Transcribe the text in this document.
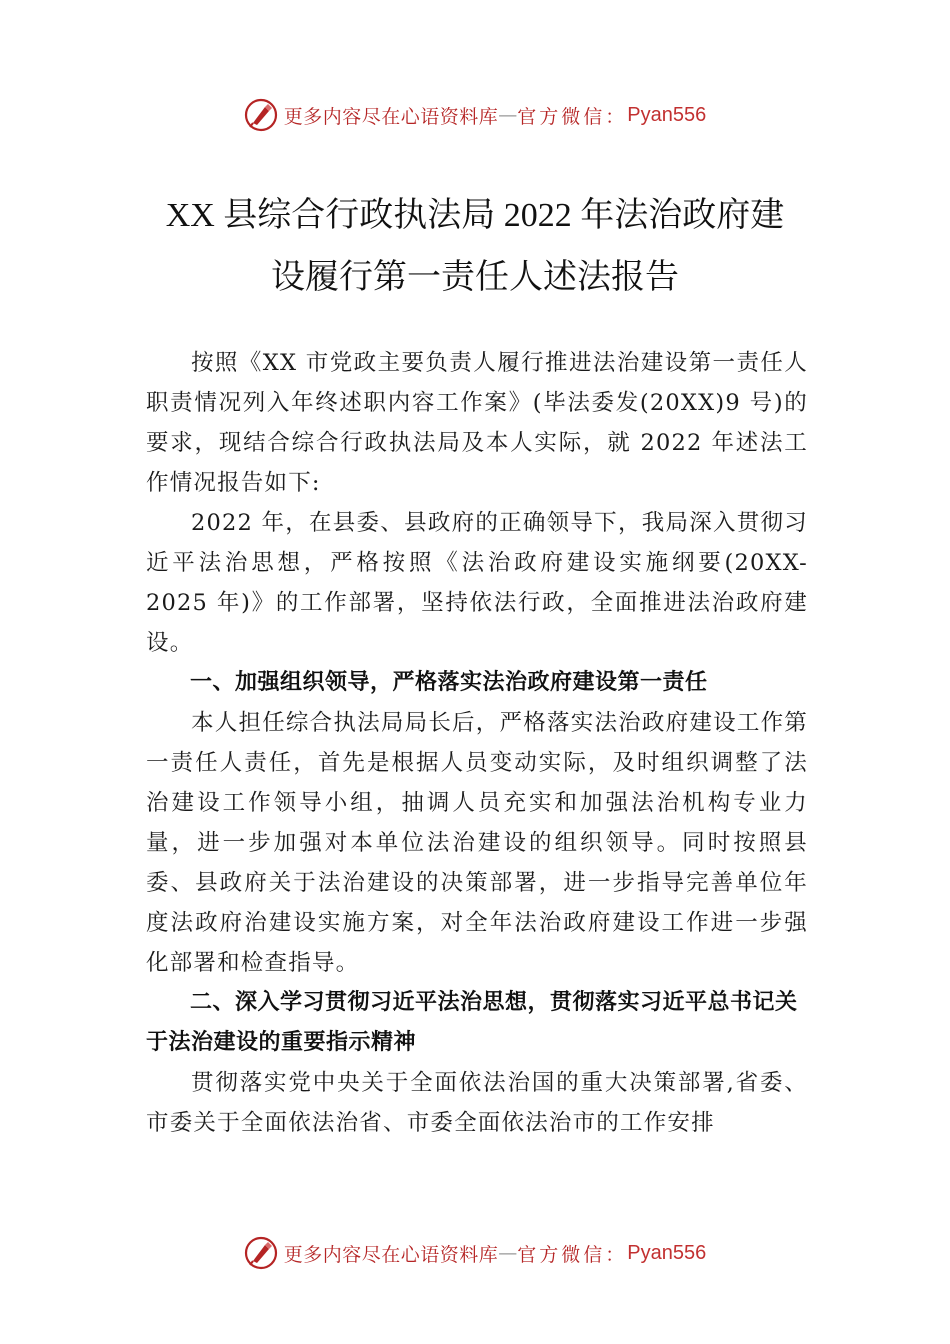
更多内容尽在心语资料库 — 官方微信： Pyan556
XX 县综合行政执法局 2022 年法治政府建
设履行第一责任人述法报告

按照《XX 市党政主要负责人履行推进法治建设第一责任人职责情况列入年终述职内容工作案》(毕法委发(20XX)9 号)的要求，现结合综合行政执法局及本人实际，就 2022 年述法工作情况报告如下:

2022 年，在县委、县政府的正确领导下，我局深入贯彻习近平法治思想，严格按照《法治政府建设实施纲要(20XX-2025 年)》的工作部署，坚持依法行政，全面推进法治政府建设。

一、加强组织领导，严格落实法治政府建设第一责任

本人担任综合执法局局长后，严格落实法治政府建设工作第一责任人责任，首先是根据人员变动实际，及时组织调整了法治建设工作领导小组，抽调人员充实和加强法治机构专业力量，进一步加强对本单位法治建设的组织领导。同时按照县委、县政府关于法治建设的决策部署，进一步指导完善单位年度法政府治建设实施方案，对全年法治政府建设工作进一步强化部署和检查指导。

二、深入学习贯彻习近平法治思想，贯彻落实习近平总书记关于法治建设的重要指示精神

贯彻落实党中央关于全面依法治国的重大决策部署,省委、市委关于全面依法治省、市委全面依法治市的工作安排

更多内容尽在心语资料库 — 官方微信： Pyan556
